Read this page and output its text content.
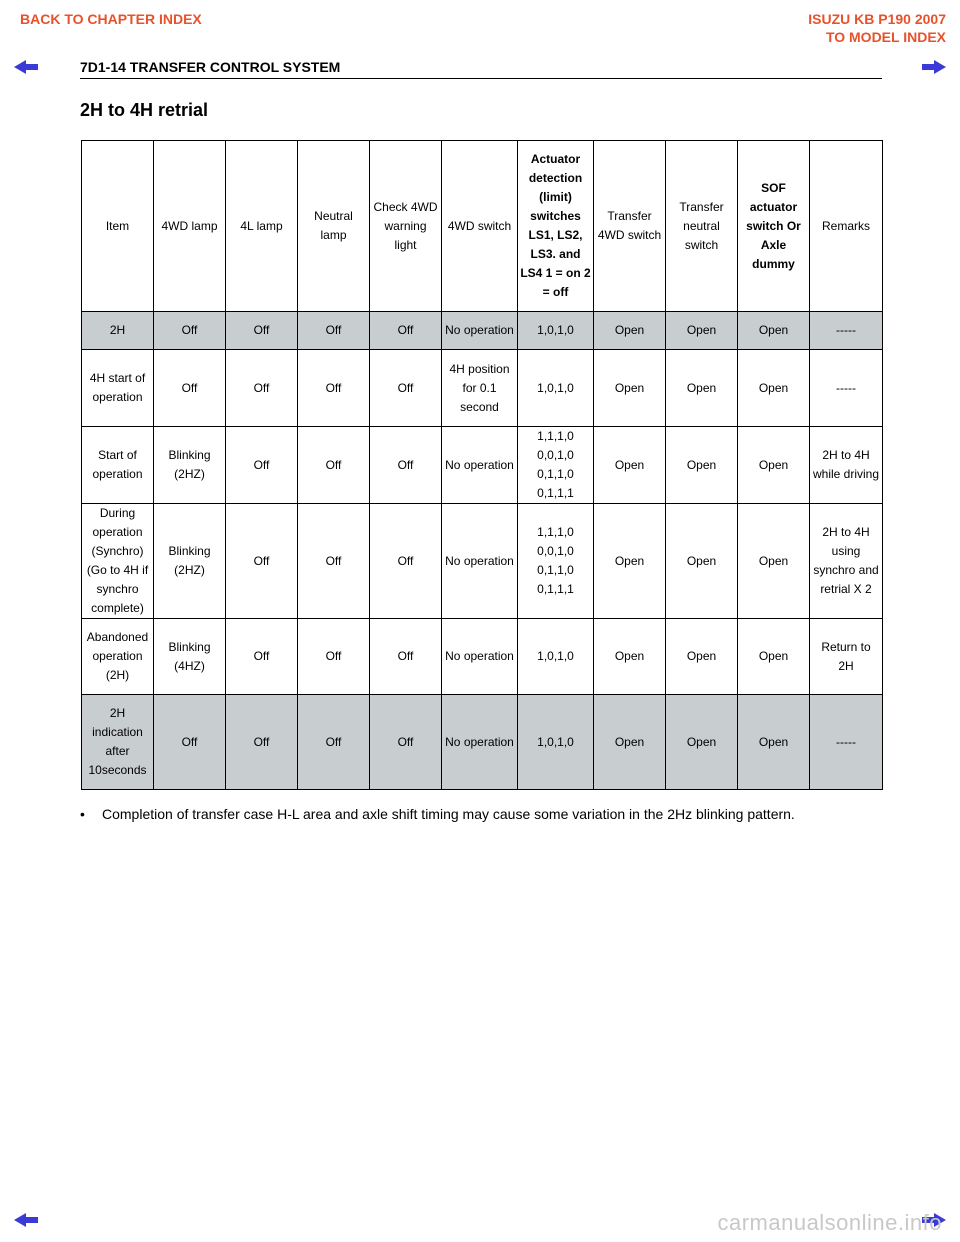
BACK TO CHAPTER INDEX	ISUZU KB P190 2007
TO MODEL INDEX
7D1-14 TRANSFER CONTROL SYSTEM
2H to 4H retrial
Item	4WD lamp	4L lamp	Neutral lamp	Check 4WD warning light	4WD switch	Actuator detection (limit) switches LS1, LS2, LS3. and LS4 1 = on 2 = off	Transfer 4WD switch	Transfer neutral switch	SOF actuator switch Or Axle dummy	Remarks
2H	Off	Off	Off	Off	No operation	1,0,1,0	Open	Open	Open	-----
4H start of operation	Off	Off	Off	Off	4H position for 0.1 second	1,0,1,0	Open	Open	Open	-----
Start of operation	Blinking (2HZ)	Off	Off	Off	No operation	1,1,1,0 0,0,1,0 0,1,1,0 0,1,1,1	Open	Open	Open	2H to 4H while driving
During operation (Synchro) (Go to 4H if synchro complete)	Blinking (2HZ)	Off	Off	Off	No operation	1,1,1,0 0,0,1,0 0,1,1,0 0,1,1,1	Open	Open	Open	2H to 4H using synchro and retrial X 2
Abandoned operation (2H)	Blinking (4HZ)	Off	Off	Off	No operation	1,0,1,0	Open	Open	Open	Return to 2H
2H indication after 10seconds	Off	Off	Off	Off	No operation	1,0,1,0	Open	Open	Open	-----
• Completion of transfer case H-L area and axle shift timing may cause some variation in the 2Hz blinking pattern.
carmanualsonline.info
